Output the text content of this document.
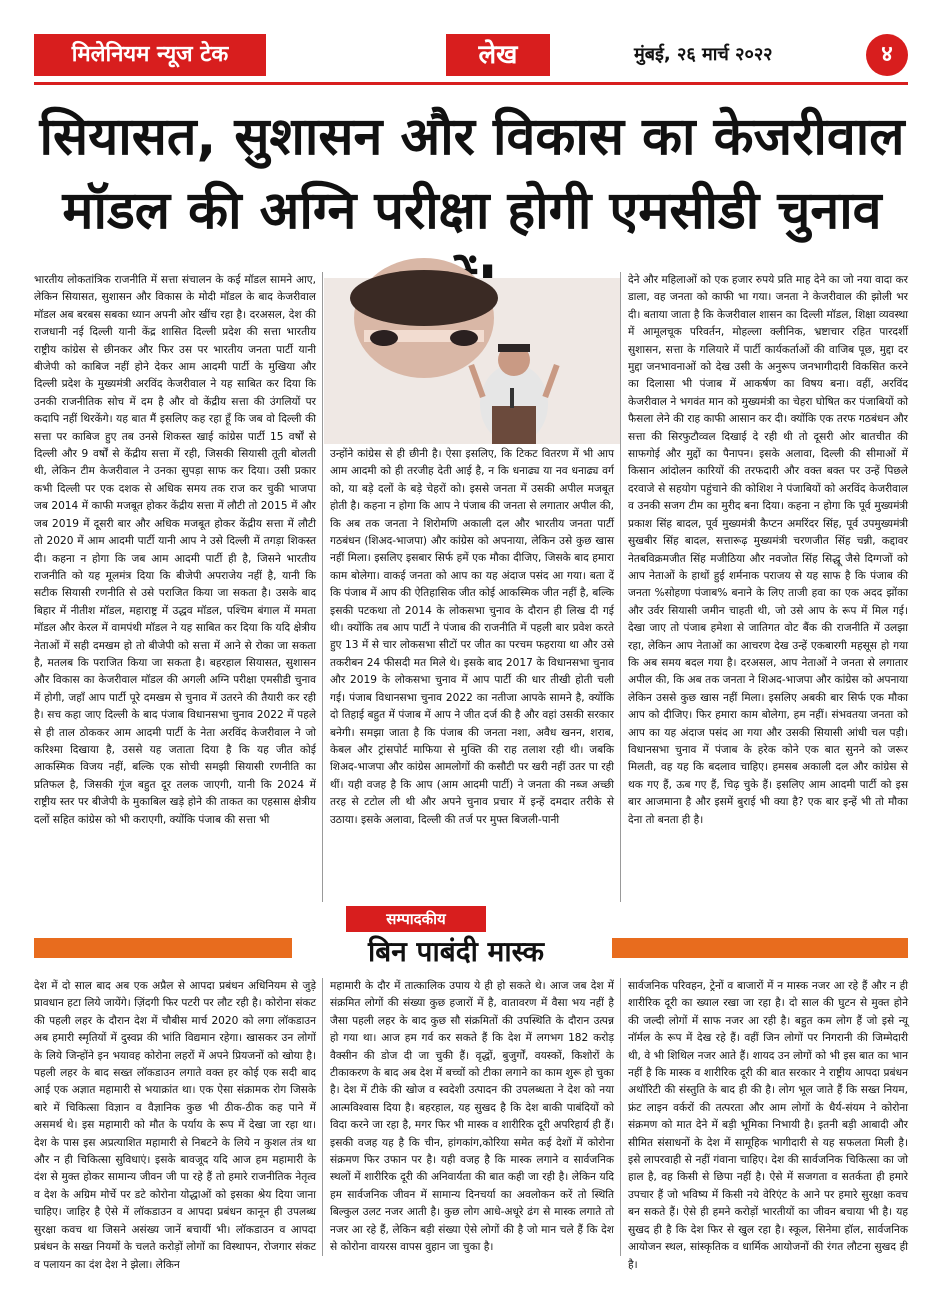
मिलेनियम न्यूज टेक	लेख	मुंबई, २६ मार्च २०२२	४
सियासत, सुशासन और विकास का केजरीवाल
मॉडल की अग्नि परीक्षा होगी एमसीडी चुनाव

भारतीय लोकतांत्रिक राजनीति में सत्ता संचालन के कई मॉडल सामने आए, लेकिन सियासत, सुशासन और विकास के मोदी मॉडल के बाद केजरीवाल मॉडल अब बरबस सबका ध्यान अपनी ओर खींच रहा है। दरअसल, देश की राजधानी नई दिल्ली यानी केंद्र शासित दिल्ली प्रदेश की सत्ता भारतीय राष्ट्रीय कांग्रेस से छीनकर और फिर उस पर भारतीय जनता पार्टी यानी बीजेपी को काबिज नहीं होने देकर आम आदमी पार्टी के मुखिया और दिल्ली प्रदेश के मुख्यमंत्री अरविंद केजरीवाल ने यह साबित कर दिया कि उनकी राजनीतिक सोच में दम है और वो केंद्रीय सत्ता की उंगलियों पर कदापि नहीं थिरकेंगे। यह बात मैं इसलिए कह रहा हूँ कि जब वो दिल्ली की सत्ता पर काबिज हुए तब उनसे शिकस्त खाई कांग्रेस पार्टी 15 वर्षों से दिल्ली और 9 वर्षों से केंद्रीय सत्ता में रही, जिसकी सियासी तूती बोलती थी, लेकिन टीम केजरीवाल ने उनका सुपड़ा साफ कर दिया। उसी प्रकार कभी दिल्ली पर एक दशक से अधिक समय तक राज कर चुकी भाजपा जब 2014 में काफी मजबूत होकर केंद्रीय सत्ता में लौटी तो 2015 में और जब 2019 में दूसरी बार और अधिक मजबूत होकर केंद्रीय सत्ता में लौटी तो 2020 में आम आदमी पार्टी यानी आप ने उसे दिल्ली में तगड़ा शिकस्त दी। कहना न होगा कि जब आम आदमी पार्टी ही है, जिसने भारतीय राजनीति को यह मूलमंत्र दिया कि बीजेपी अपराजेय नहीं है, यानी कि सटीक सियासी रणनीति से उसे पराजित किया जा सकता है। उसके बाद बिहार में नीतीश मॉडल, महाराष्ट्र में उद्धव मॉडल, पश्चिम बंगाल में ममता मॉडल और केरल में वामपंथी मॉडल ने यह साबित कर दिया कि यदि क्षेत्रीय नेताओं में सही दमखम हो तो बीजेपी को सत्ता में आने से रोका जा सकता है, मतलब कि पराजित किया जा सकता है। बहरहाल सियासत, सुशासन और विकास का केजरीवाल मॉडल की अगली अग्नि परीक्षा एमसीडी चुनाव में होगी, जहाँ आप पार्टी पूरे दमखम से चुनाव में उतरने की तैयारी कर रही है। सच कहा जाए दिल्ली के बाद पंजाब विधानसभा चुनाव 2022 में पहले से ही ताल ठोककर आम आदमी पार्टी के नेता अरविंद केजरीवाल ने जो करिश्मा दिखाया है, उससे यह जताता दिया है कि यह जीत कोई आकस्मिक विजय नहीं, बल्कि एक सोची समझी सियासी रणनीति का प्रतिफल है, जिसकी गूंज बहुत दूर तलक जाएगी, यानी कि 2024 में राष्ट्रीय स्तर पर बीजेपी के मुकाबिल खड़े होने की ताकत का एहसास क्षेत्रीय दलों सहित कांग्रेस को भी कराएगी, क्योंकि पंजाब की सत्ता भी

उन्होंने कांग्रेस से ही छीनी है। ऐसा इसलिए, कि टिकट वितरण में भी आप आम आदमी को ही तरजीह देती आई है, न कि धनाढ्य या नव धनाढ्य वर्ग को, या बड़े दलों के बड़े चेहरों को। इससे जनता में उसकी अपील मजबूत होती है। कहना न होगा कि आप ने पंजाब की जनता से लगातार अपील की, कि अब तक जनता ने शिरोमणि अकाली दल और भारतीय जनता पार्टी गठबंधन (शिअद-भाजपा) और कांग्रेस को अपनाया, लेकिन उसे कुछ खास नहीं मिला। इसलिए इसबार सिर्फ हमें एक मौका दीजिए, जिसके बाद हमारा काम बोलेगा। वाकई जनता को आप का यह अंदाज पसंद आ गया। बता दें कि पंजाब में आप की ऐतिहासिक जीत कोई आकस्मिक जीत नहीं है, बल्कि इसकी पटकथा तो 2014 के लोकसभा चुनाव के दौरान ही लिख दी गई थी। क्योंकि तब आप पार्टी ने पंजाब की राजनीति में पहली बार प्रवेश करते हुए 13 में से चार लोकसभा सीटों पर जीत का परचम फहराया था और उसे तकरीबन 24 फीसदी मत मिले थे। इसके बाद 2017 के विधानसभा चुनाव और 2019 के लोकसभा चुनाव में आप पार्टी की धार तीखी होती चली गई। पंजाब विधानसभा चुनाव 2022 का नतीजा आपके सामने है, क्योंकि दो तिहाई बहुत में पंजाब में आप ने जीत दर्ज की है और वहां उसकी सरकार बनेगी। समझा जाता है कि पंजाब की जनता नशा, अवैध खनन, शराब, केबल और ट्रांसपोर्ट माफिया से मुक्ति की राह तलाश रही थी। जबकि शिअद-भाजपा और कांग्रेस आमलोगों की कसौटी पर खरी नहीं उतर पा रही थीं। यही वजह है कि आप (आम आदमी पार्टी) ने जनता की नब्ज अच्छी तरह से टटोल ली थी और अपने चुनाव प्रचार में इन्हें दमदार तरीके से उठाया। इसके अलावा, दिल्ली की तर्ज पर मुफ्त बिजली-पानी

देने और महिलाओं को एक हजार रुपये प्रति माह देने का जो नया वादा कर डाला, वह जनता को काफी भा गया। जनता ने केजरीवाल की झोली भर दी। बताया जाता है कि केजरीवाल शासन का दिल्ली मॉडल, शिक्षा व्यवस्था में आमूलचूक परिवर्तन, मोहल्ला क्लीनिक, भ्रष्टाचार रहित पारदर्शी सुशासन, सत्ता के गलियारे में पार्टी कार्यकर्ताओं की वाजिब पूछ, मुद्दा दर मुद्दा जनभावनाओं को देख उसी के अनुरूप जनभागीदारी विकसित करने का दिलासा भी पंजाब में आकर्षण का विषय बना। वहीं, अरविंद केजरीवाल ने भगवंत मान को मुख्यमंत्री का चेहरा घोषित कर पंजाबियों को फैसला लेने की राह काफी आसान कर दी। क्योंकि एक तरफ गठबंधन और सत्ता की सिरफुटौव्वल दिखाई दे रही थी तो दूसरी ओर बातचीत की साफगोई और मुद्दों का पैनापन। इसके अलावा, दिल्ली की सीमाओं में किसान आंदोलन कारियों की तरफदारी और वक्त बक्त पर उन्हें पिछले दरवाजे से सहयोग पहुंचाने की कोशिश ने पंजाबियों को अरविंद केजरीवाल व उनकी सजग टीम का मुरीद बना दिया। कहना न होगा कि पूर्व मुख्यमंत्री प्रकाश सिंह बादल, पूर्व मुख्यमंत्री कैप्टन अमरिंदर सिंह, पूर्व उपमुख्यमंत्री सुखबीर सिंह बादल, सत्तारूढ़ मुख्यमंत्री चरणजीत सिंह चन्नी, कद्दावर नेतबविक्रमजीत सिंह मजीठिया और नवजोत सिंह सिद्धू जैसे दिग्गजों को आप नेताओं के हाथों हुई शर्मनाक पराजय से यह साफ है कि पंजाब की जनता %सोहणा पंजाब% बनाने के लिए ताजी हवा का एक अदद झोंका और उर्वर सियासी जमीन चाहती थी, जो उसे आप के रूप में मिल गई। देखा जाए तो पंजाब हमेशा से जातिगत वोट बैंक की राजनीति में उलझा रहा, लेकिन आप नेताओं का आचरण देख उन्हें एकबारगी महसूस हो गया कि अब समय बदल गया है। दरअसल, आप नेताओं ने जनता से लगातार अपील की, कि अब तक जनता ने शिअद-भाजपा और कांग्रेस को अपनाया लेकिन उससे कुछ खास नहीं मिला। इसलिए अबकी बार सिर्फ एक मौका आप को दीजिए। फिर हमारा काम बोलेगा, हम नहीं। संभवतया जनता को आप का यह अंदाज पसंद आ गया और उसकी सियासी आंधी चल पड़ी। विधानसभा चुनाव में पंजाब के हरेक कोने एक बात सुनने को जरूर मिलती, वह यह कि बदलाव चाहिए। हमसब अकाली दल और कांग्रेस से थक गए हैं, ऊब गए हैं, चिढ़ चुके हैं। इसलिए आम आदमी पार्टी को इस बार आजमाना है और इसमें बुराई भी क्या है? एक बार इन्हें भी तो मौका देना तो बनता ही है।

सम्पादकीय
बिन पाबंदी मास्क

देश में दो साल बाद अब एक अप्रैल से आपदा प्रबंधन अधिनियम से जुड़े प्रावधान हटा लिये जायेंगे। ज़िंदगी फिर पटरी पर लौट रही है। कोरोना संकट की पहली लहर के दौरान देश में चौबीस मार्च 2020 को लगा लॉकडाउन अब हमारी स्मृतियों में दुस्वप्न की भांति विद्यमान रहेगा। खासकर उन लोगों के लिये जिन्होंने इन भयावह कोरोना लहरों में अपने प्रियजनों को खोया है। पहली लहर के बाद सख्त लॉकडाउन लगाते वक्त हर कोई एक सदी बाद आई एक अज्ञात महामारी से भयाक्रांत था। एक ऐसा संक्रामक रोग जिसके बारे में चिकित्सा विज्ञान व वैज्ञानिक कुछ भी ठीक-ठीक कह पाने में असमर्थ थे। इस महामारी को मौत के पर्याय के रूप में देखा जा रहा था। देश के पास इस अप्रत्याशित महामारी से निबटने के लिये न कुशल तंत्र था और न ही चिकित्सा सुविधाएं। इसके बावजूद यदि आज हम महामारी के दंश से मुक्त होकर सामान्य जीवन जी पा रहे हैं तो हमारे राजनीतिक नेतृत्व व देश के अग्रिम मोर्चे पर डटे कोरोना योद्धाओं को इसका श्रेय दिया जाना चाहिए। जाहिर है ऐसे में लॉकडाउन व आपदा प्रबंधन कानून ही उपलब्ध सुरक्षा कवच था जिसने असंख्य जानें बचायीं भी। लॉकडाउन व आपदा प्रबंधन के सख्त नियमों के चलते करोड़ों लोगों का विस्थापन, रोजगार संकट व पलायन का दंश देश ने झेला। लेकिन

महामारी के दौर में तात्कालिक उपाय ये ही हो सकते थे। आज जब देश में संक्रमित लोगों की संख्या कुछ हजारों में है, वातावरण में वैसा भय नहीं है जैसा पहली लहर के बाद कुछ सौ संक्रमितों की उपस्थिति के दौरान उत्पन्न हो गया था। आज हम गर्व कर सकते हैं कि देश में लगभग 182 करोड़ वैक्सीन की डोज दी जा चुकी हैं। वृद्धों, बुजुर्गों, वयस्कों, किशोरों के टीकाकरण के बाद अब देश में बच्चों को टीका लगाने का काम शुरू हो चुका है। देश में टीके की खोज व स्वदेशी उत्पादन की उपलब्धता ने देश को नया आत्मविश्वास दिया है। बहरहाल, यह सुखद है कि देश बाकी पाबंदियों को विदा करने जा रहा है, मगर फिर भी मास्क व शारीरिक दूरी अपरिहार्य ही हैं। इसकी वजह यह है कि चीन, हांगकांग,कोरिया समेत कई देशों में कोरोना संक्रमण फिर उफान पर है। यही वजह है कि मास्क लगाने व सार्वजनिक स्थलों में शारीरिक दूरी की अनिवार्यता की बात कही जा रही है। लेकिन यदि हम सार्वजनिक जीवन में सामान्य दिनचर्या का अवलोकन करें तो स्थिति बिल्कुल उलट नजर आती है। कुछ लोग आधे-अधूरे ढंग से मास्क लगाते तो नजर आ रहे हैं, लेकिन बड़ी संख्या ऐसे लोगों की है जो मान चले हैं कि देश से कोरोना वायरस वापस वुहान जा चुका है।

सार्वजनिक परिवहन, ट्रेनों व बाजारों में न मास्क नजर आ रहे हैं और न ही शारीरिक दूरी का ख्याल रखा जा रहा है। दो साल की घुटन से मुक्त होने की जल्दी लोगों में साफ नजर आ रही है। बहुत कम लोग हैं जो इसे न्यू नॉर्मल के रूप में देख रहे हैं। वहीं जिन लोगों पर निगरानी की जिम्मेदारी थी, वे भी शिथिल नजर आते हैं। शायद उन लोगों को भी इस बात का भान नहीं है कि मास्क व शारीरिक दूरी की बात सरकार ने राष्ट्रीय आपदा प्रबंधन अथॉरिटी की संस्तुति के बाद ही की है। लोग भूल जाते हैं कि सख्त नियम, फ्रंट लाइन वर्करों की तत्परता और आम लोगों के धैर्य-संयम ने कोरोना संक्रमण को मात देने में बड़ी भूमिका निभायी है। इतनी बड़ी आबादी और सीमित संसाधनों के देश में सामूहिक भागीदारी से यह सफलता मिली है। इसे लापरवाही से नहीं गंवाना चाहिए। देश की सार्वजनिक चिकित्सा का जो हाल है, वह किसी से छिपा नहीं है। ऐसे में सजगता व सतर्कता ही हमारे उपचार हैं जो भविष्य में किसी नये वेरिएंट के आने पर हमारे सुरक्षा कवच बन सकते हैं। ऐसे ही हमने करोड़ों भारतीयों का जीवन बचाया भी है। यह सुखद ही है कि देश फिर से खुल रहा है। स्कूल, सिनेमा हॉल, सार्वजनिक आयोजन स्थल, सांस्कृतिक व धार्मिक आयोजनों की रंगत लौटना सुखद ही है।
